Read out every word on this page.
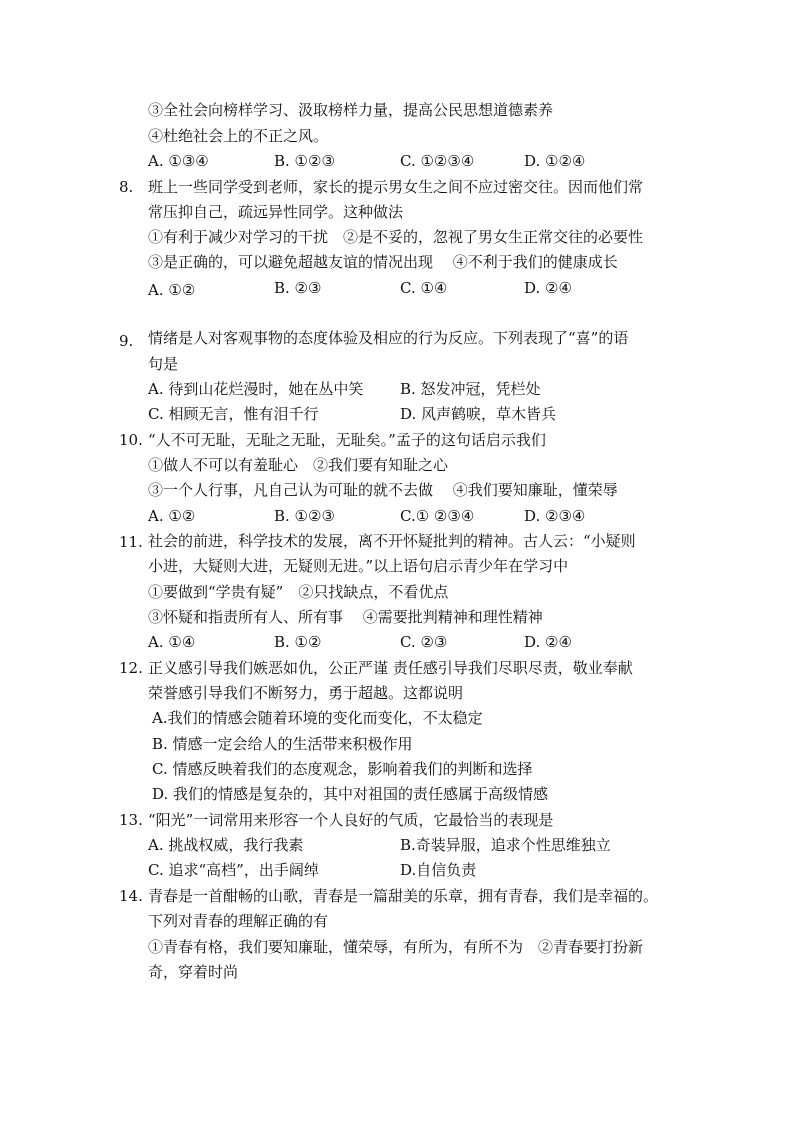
③全社会向榜样学习、汲取榜样力量，提高公民思想道德素养
④杜绝社会上的不正之风。
A. ①③④	B. ①②③	C. ①②③④	D. ①②④
8. 班上一些同学受到老师，家长的提示男女生之间不应过密交往。因而他们常
常压抑自己，疏远异性同学。这种做法
①有利于减少对学习的干扰　②是不妥的，忽视了男女生正常交往的必要性
③是正确的，可以避免超越友谊的情况出现　 ④不利于我们的健康成长
A. ①②	B. ②③	C. ①④	D. ②④
9. 情绪是人对客观事物的态度体验及相应的行为反应。下列表现了“喜”的语
句是
A. 待到山花烂漫时，她在丛中笑 B. 怒发冲冠，凭栏处
C. 相顾无言，惟有泪千行	D. 风声鹤唳，草木皆兵
10. “人不可无耻，无耻之无耻，无耻矣。”孟子的这句话启示我们
①做人不可以有羞耻心　②我们要有知耻之心
③一个人行事，凡自己认为可耻的就不去做　 ④我们要知廉耻，懂荣辱
A. ①②	B. ①②③	C.① ②③④	D. ②③④
11. 社会的前进，科学技术的发展，离不开怀疑批判的精神。古人云：“小疑则
小进，大疑则大进，无疑则无进。”以上语句启示青少年在学习中
①要做到“学贵有疑”　②只找缺点，不看优点
③怀疑和指责所有人、所有事　 ④需要批判精神和理性精神
A. ①④	B. ①②	C. ②③	D. ②④
12. 正义感引导我们嫉恶如仇，公正严谨 责任感引导我们尽职尽责，敬业奉献
荣誉感引导我们不断努力，勇于超越。这都说明
A.我们的情感会随着环境的变化而变化，不太稳定
B. 情感一定会给人的生活带来积极作用
C. 情感反映着我们的态度观念，影响着我们的判断和选择
D. 我们的情感是复杂的，其中对祖国的责任感属于高级情感
13. “阳光”一词常用来形容一个人良好的气质，它最恰当的表现是
A. 挑战权威，我行我素	B.奇装异服，追求个性思维独立
C. 追求“高档”，出手阔绰	D.自信负责
14. 青春是一首酣畅的山歌，青春是一篇甜美的乐章，拥有青春，我们是幸福的。
下列对青春的理解正确的有
①青春有格，我们要知廉耻，懂荣辱，有所为，有所不为　②青春要打扮新
奇，穿着时尚
